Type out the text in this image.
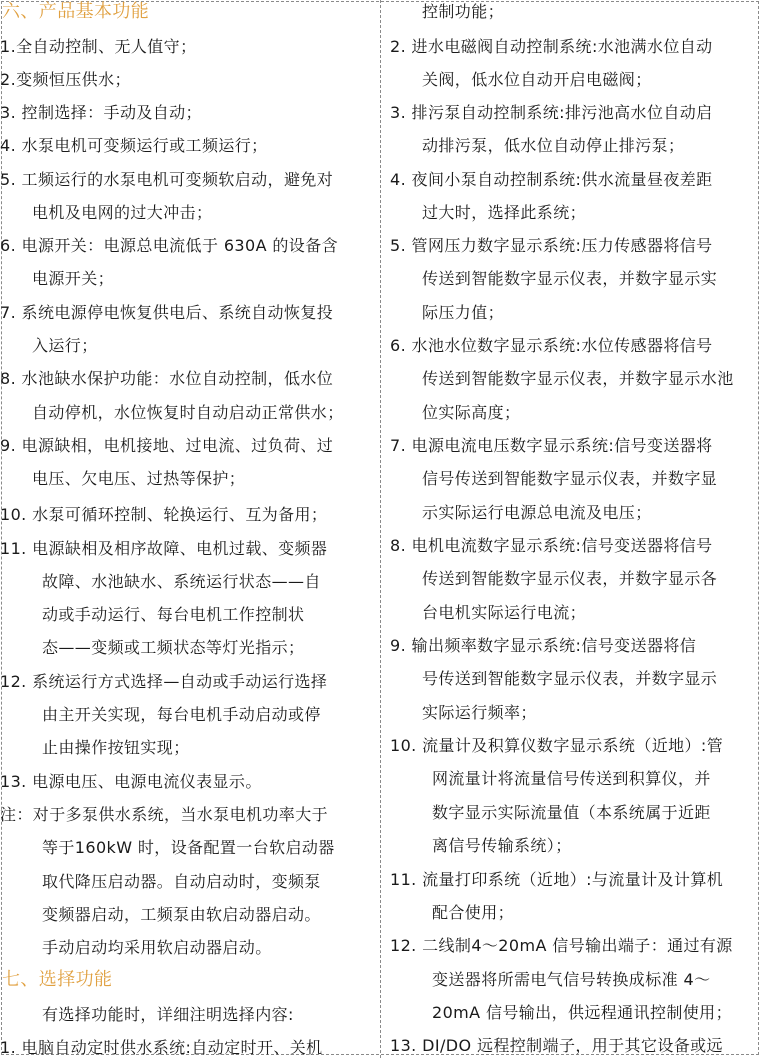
六、产品基本功能
1.全自动控制、无人值守；
2.变频恒压供水；
3. 控制选择：手动及自动；
4. 水泵电机可变频运行或工频运行；
5. 工频运行的水泵电机可变频软启动，避免对
电机及电网的过大冲击；
6. 电源开关：电源总电流低于 630A 的设备含
电源开关；
7. 系统电源停电恢复供电后、系统自动恢复投
入运行；
8. 水池缺水保护功能：水位自动控制，低水位
自动停机，水位恢复时自动启动正常供水；
9. 电源缺相，电机接地、过电流、过负荷、过
电压、欠电压、过热等保护；
10. 水泵可循环控制、轮换运行、互为备用；
11. 电源缺相及相序故障、电机过载、变频器
故障、水池缺水、系统运行状态——自
动或手动运行、每台电机工作控制状
态——变频或工频状态等灯光指示；
12. 系统运行方式选择—自动或手动运行选择
由主开关实现，每台电机手动启动或停
止由操作按钮实现；
13. 电源电压、电源电流仪表显示。
注：对于多泵供水系统，当水泵电机功率大于
等于160kW 时，设备配置一台软启动器
取代降压启动器。自动启动时，变频泵
变频器启动，工频泵由软启动器启动。
手动启动均采用软启动器启动。
七、选择功能
有选择功能时，详细注明选择内容:
1. 电脑自动定时供水系统:自动定时开、关机
控制功能；
2. 进水电磁阀自动控制系统:水池满水位自动
关阀，低水位自动开启电磁阀；
3. 排污泵自动控制系统:排污池高水位自动启
动排污泵，低水位自动停止排污泵；
4. 夜间小泵自动控制系统:供水流量昼夜差距
过大时，选择此系统；
5. 管网压力数字显示系统:压力传感器将信号
传送到智能数字显示仪表，并数字显示实
际压力值；
6. 水池水位数字显示系统:水位传感器将信号
传送到智能数字显示仪表，并数字显示水池
位实际高度；
7. 电源电流电压数字显示系统:信号变送器将
信号传送到智能数字显示仪表，并数字显
示实际运行电源总电流及电压；
8. 电机电流数字显示系统:信号变送器将信号
传送到智能数字显示仪表，并数字显示各
台电机实际运行电流；
9. 输出频率数字显示系统:信号变送器将信
号传送到智能数字显示仪表，并数字显示
实际运行频率；
10. 流量计及积算仪数字显示系统（近地）:管
网流量计将流量信号传送到积算仪，并
数字显示实际流量值（本系统属于近距
离信号传输系统）；
11. 流量打印系统（近地）:与流量计及计算机
配合使用；
12. 二线制4～20mA 信号输出端子：通过有源
变送器将所需电气信号转换成标准 4～
20mA 信号输出，供远程通讯控制使用；
13. DI/DO 远程控制端子，用于其它设备或远
